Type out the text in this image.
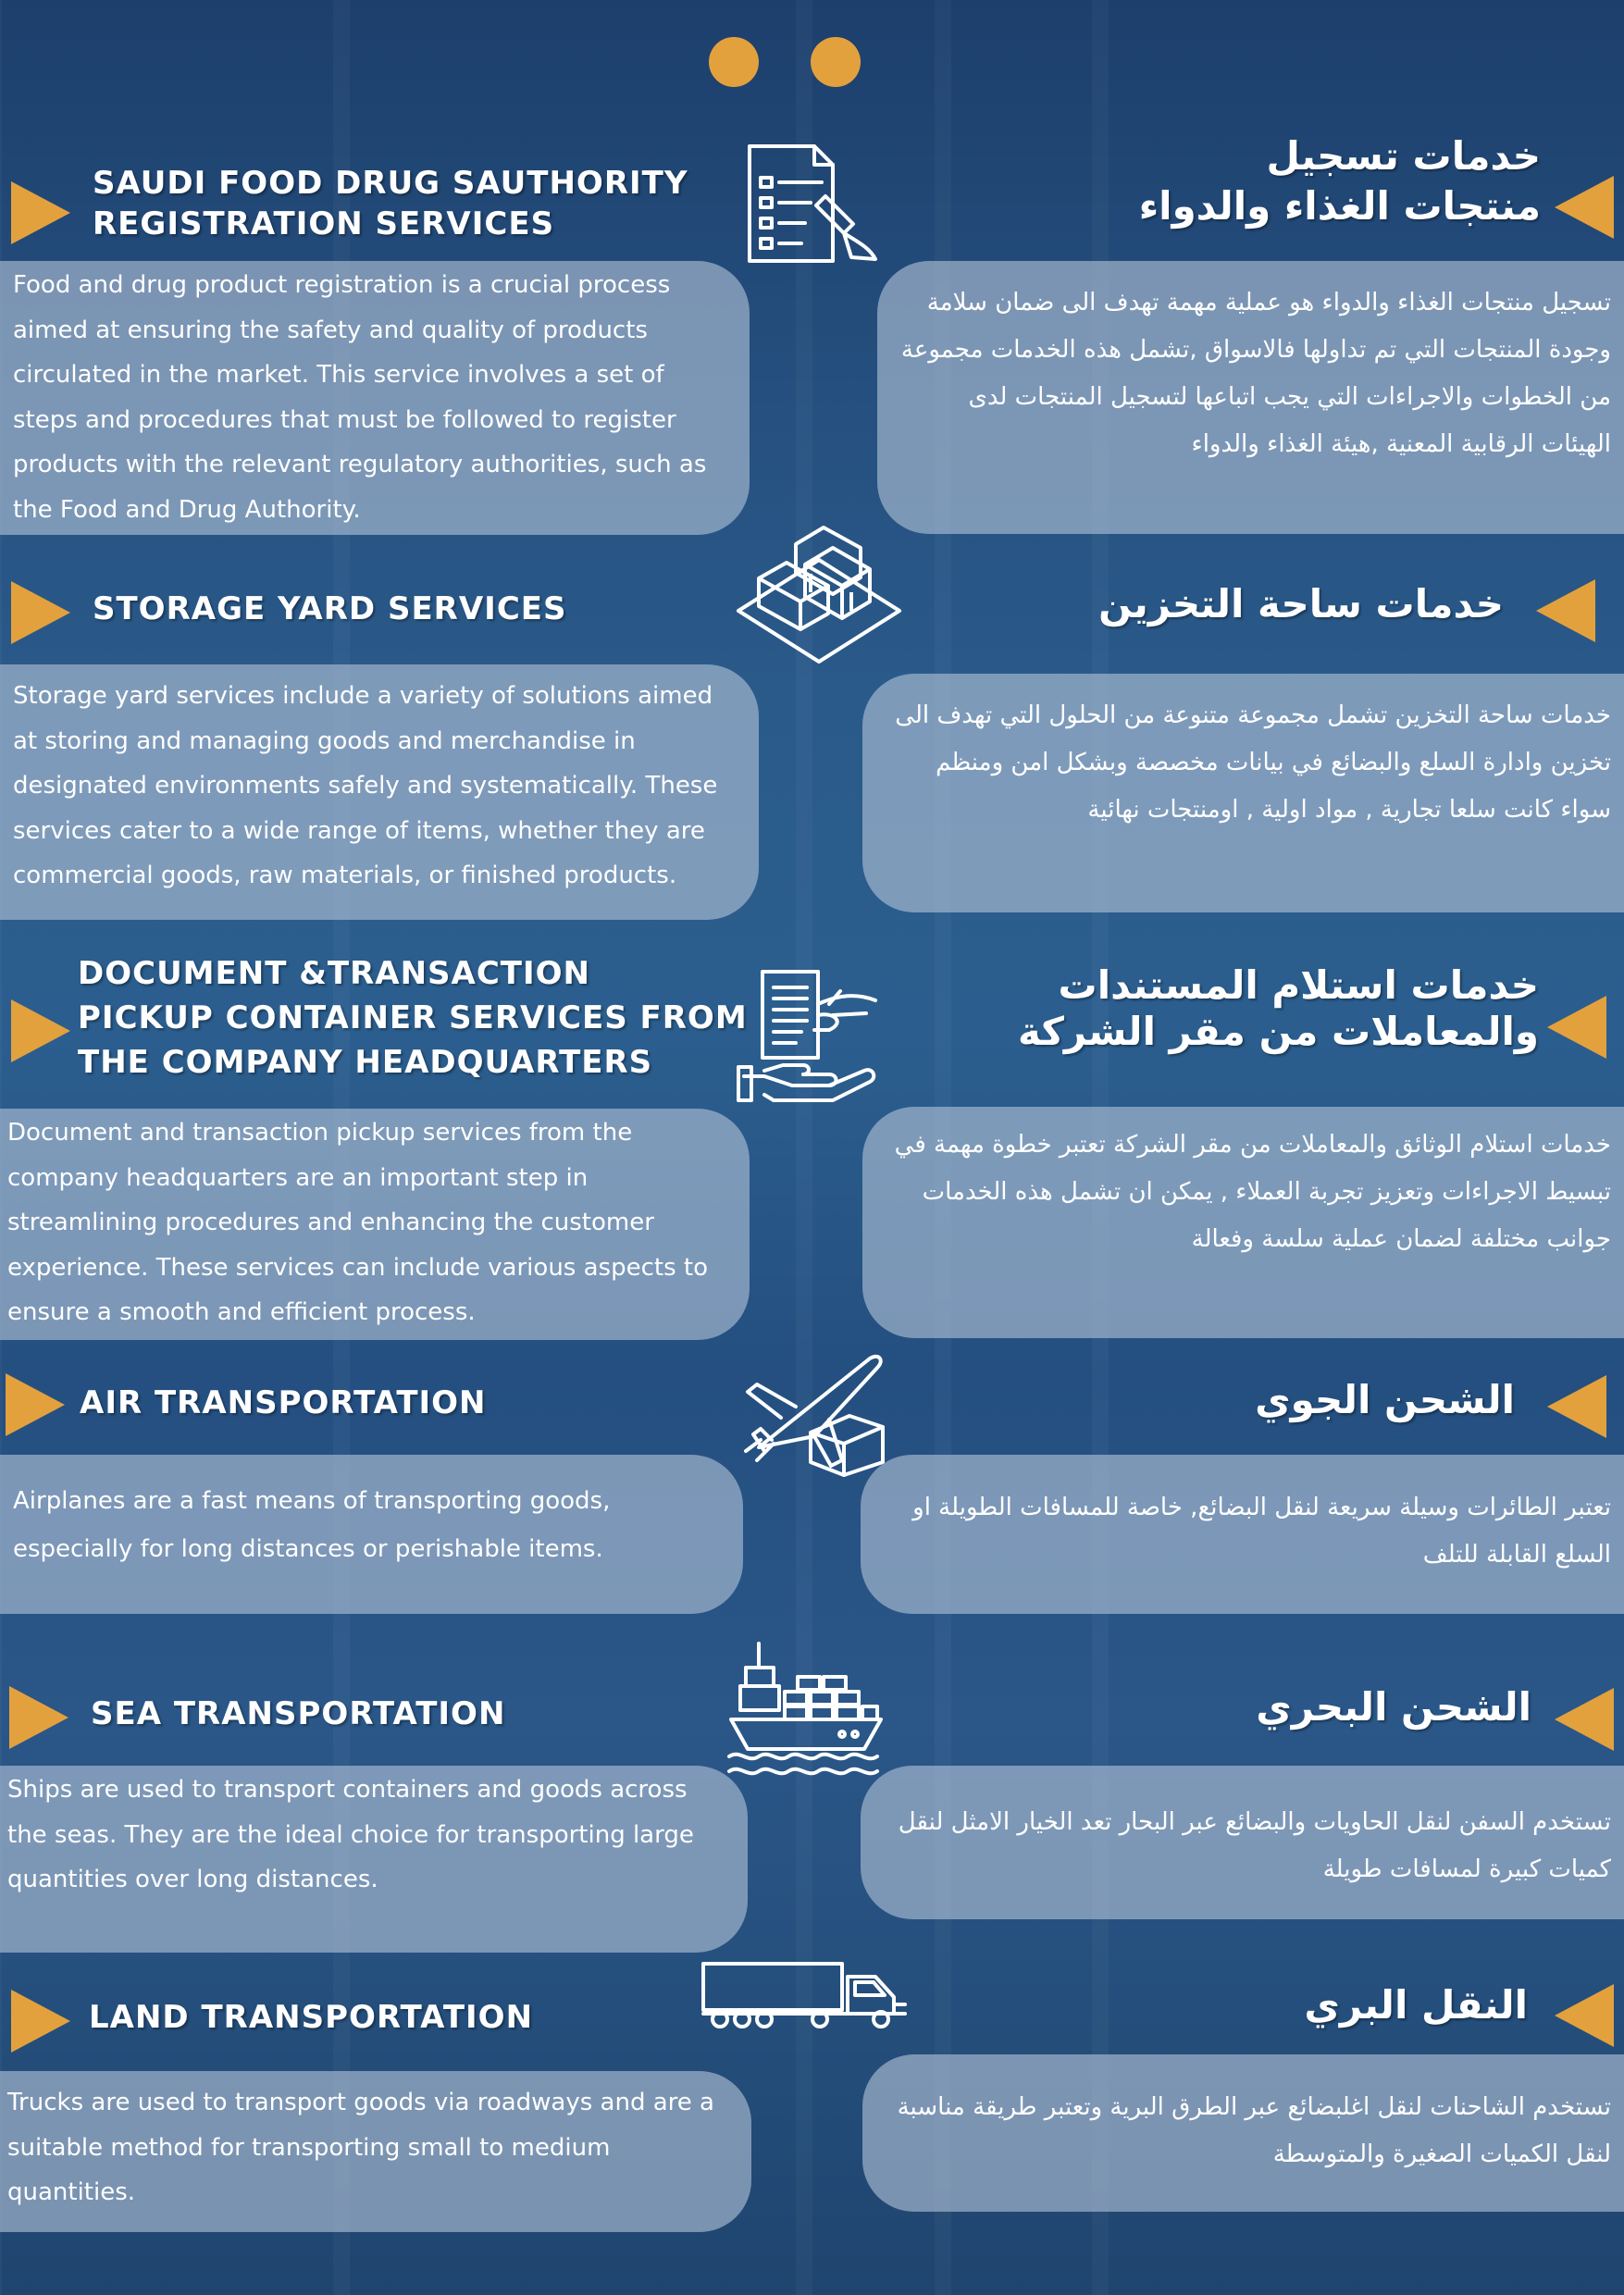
SAUDI FOOD DRUG SAUTHORITY
REGISTRATION SERVICES
خدمات تسجيل
منتجات الغذاء والدواء
Food and drug product registration is a crucial process aimed at ensuring the safety and quality of products circulated in the market. This service involves a set of steps and procedures that must be followed to register products with the relevant regulatory authorities, such as the Food and Drug Authority.
تسجيل منتجات الغذاء والدواء هو عملية مهمة تهدف الى ضمان سلامة وجودة المنتجات التي تم تداولها فالاسواق ,تشمل هذه الخدمات مجموعة من الخطوات والاجراءات التي يجب اتباعها لتسجيل المنتجات لدى الهيئات الرقابية المعنية ,هيئة الغذاء والدواء
STORAGE YARD SERVICES	خدمات ساحة التخزين
Storage yard services include a variety of solutions aimed at storing and managing goods and merchandise in designated environments safely and systematically. These services cater to a wide range of items, whether they are commercial goods, raw materials, or finished products.
خدمات ساحة التخزين تشمل مجموعة متنوعة من الحلول التي تهدف الى تخزين وادارة السلع والبضائع في بيانات مخصصة وبشكل امن ومنظم سواء كانت سلعا تجارية , مواد اولية , اومنتجات نهائية
DOCUMENT &TRANSACTION
PICKUP CONTAINER SERVICES FROM
THE COMPANY HEADQUARTERS
خدمات استلام المستندات
والمعاملات من مقر الشركة
Document and transaction pickup services from the company headquarters are an important step in streamlining procedures and enhancing the customer experience. These services can include various aspects to ensure a smooth and efficient process.
خدمات استلام الوثائق والمعاملات من مقر الشركة تعتبر خطوة مهمة في تبسيط الاجراءات وتعزيز تجربة العملاء , يمكن ان تشمل هذه الخدمات جوانب مختلفة لضمان عملية سلسة وفعالة
AIR TRANSPORTATION	الشحن الجوي
Airplanes are a fast means of transporting goods, especially for long distances or perishable items.
تعتبر الطائرات وسيلة سريعة لنقل البضائع, خاصة للمسافات الطويلة او السلع القابلة للتلف
SEA TRANSPORTATION	الشحن البحري
Ships are used to transport containers and goods across the seas. They are the ideal choice for transporting large quantities over long distances.
تستخدم السفن لنقل الحاويات والبضائع عبر البحار تعد الخيار الامثل لنقل كميات كبيرة لمسافات طويلة
LAND TRANSPORTATION	النقل البري
Trucks are used to transport goods via roadways and are a suitable method for transporting small to medium quantities.
تستخدم الشاحنات لنقل اغلبضائع عبر الطرق البرية وتعتبر طريقة مناسبة لنقل الكميات الصغيرة والمتوسطة
